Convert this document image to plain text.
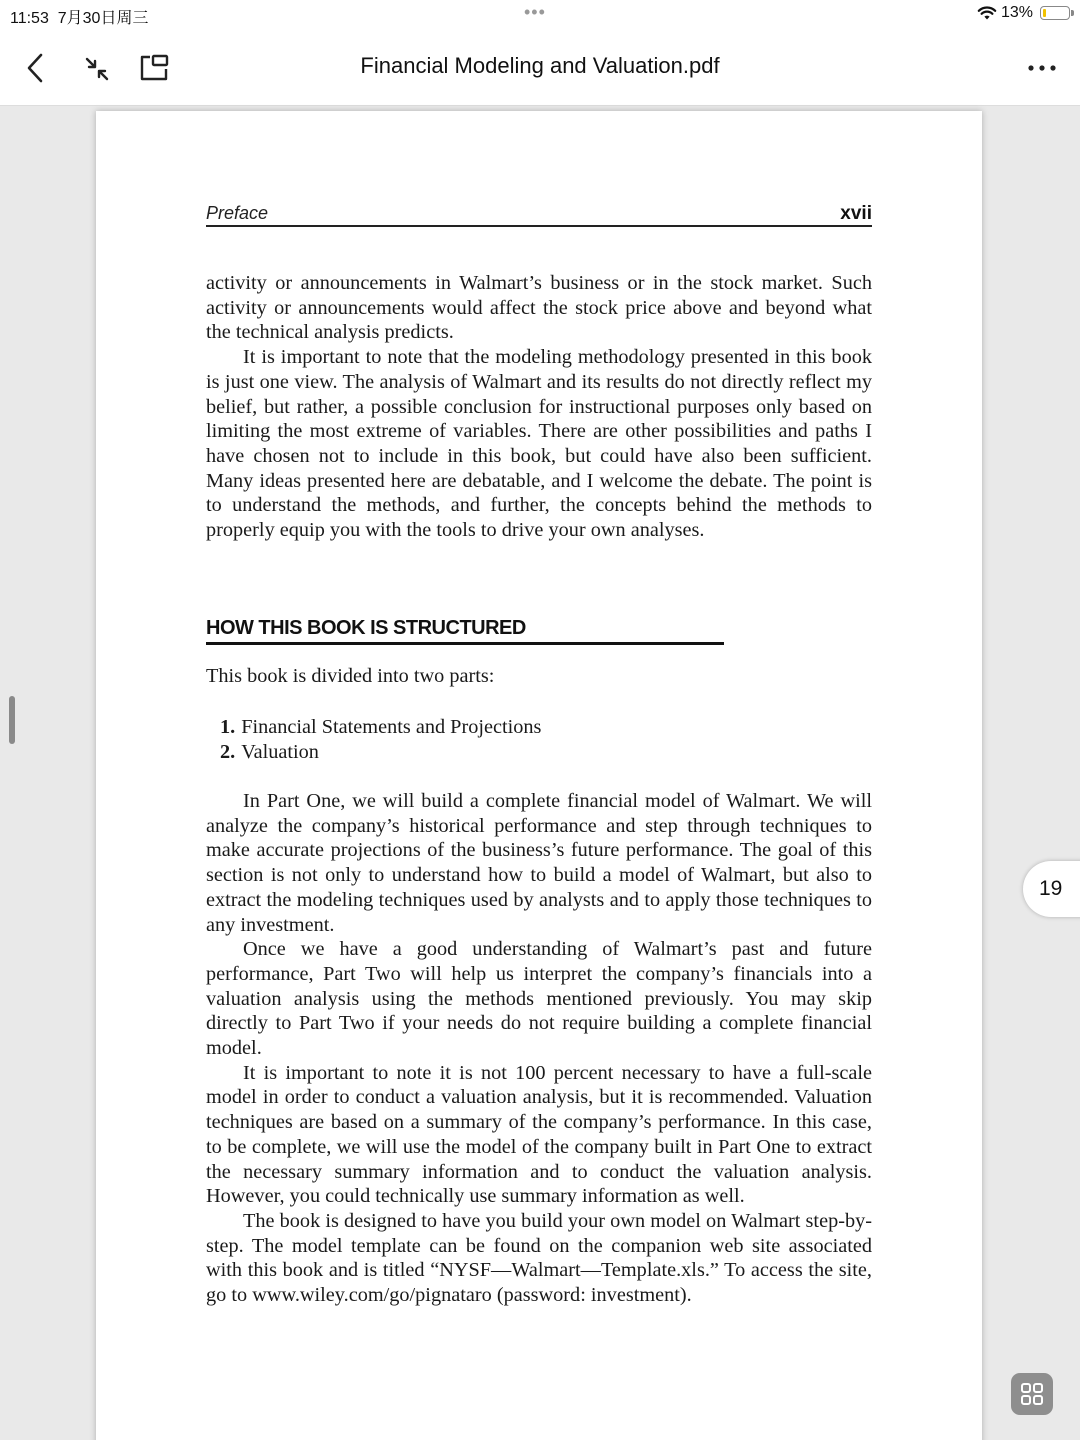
11:53 7月30日周三	•••	13%
Financial Modeling and Valuation.pdf
Preface	xvii

activity or announcements in Walmart’s business or in the stock market. Such activity or announcements would affect the stock price above and beyond what the technical analysis predicts.

It is important to note that the modeling methodology presented in this book is just one view. The analysis of Walmart and its results do not directly reflect my belief, but rather, a possible conclusion for instructional purposes only based on limiting the most extreme of variables. There are other possibilities and paths I have chosen not to include in this book, but could have also been sufficient. Many ideas presented here are debatable, and I welcome the debate. The point is to understand the methods, and further, the concepts behind the methods to properly equip you with the tools to drive your own analyses.

HOW THIS BOOK IS STRUCTURED
This book is divided into two parts:
1. Financial Statements and Projections
2. Valuation

In Part One, we will build a complete financial model of Walmart. We will analyze the company’s historical performance and step through techniques to make accurate projections of the business’s future performance. The goal of this section is not only to understand how to build a model of Walmart, but also to extract the modeling techniques used by analysts and to apply those techniques to any investment.

Once we have a good understanding of Walmart’s past and future performance, Part Two will help us interpret the company’s financials into a valuation analysis using the methods mentioned previously. You may skip directly to Part Two if your needs do not require building a complete financial model.

It is important to note it is not 100 percent necessary to have a full-scale model in order to conduct a valuation analysis, but it is recommended. Valuation techniques are based on a summary of the company’s performance. In this case, to be complete, we will use the model of the company built in Part One to extract the necessary summary information and to conduct the valuation analysis. However, you could technically use summary information as well.

The book is designed to have you build your own model on Walmart step-by-step. The model template can be found on the companion web site associated with this book and is titled “NYSF—Walmart—Template.xls.” To access the site, go to www.wiley.com/go/pignataro (password: investment).

19
